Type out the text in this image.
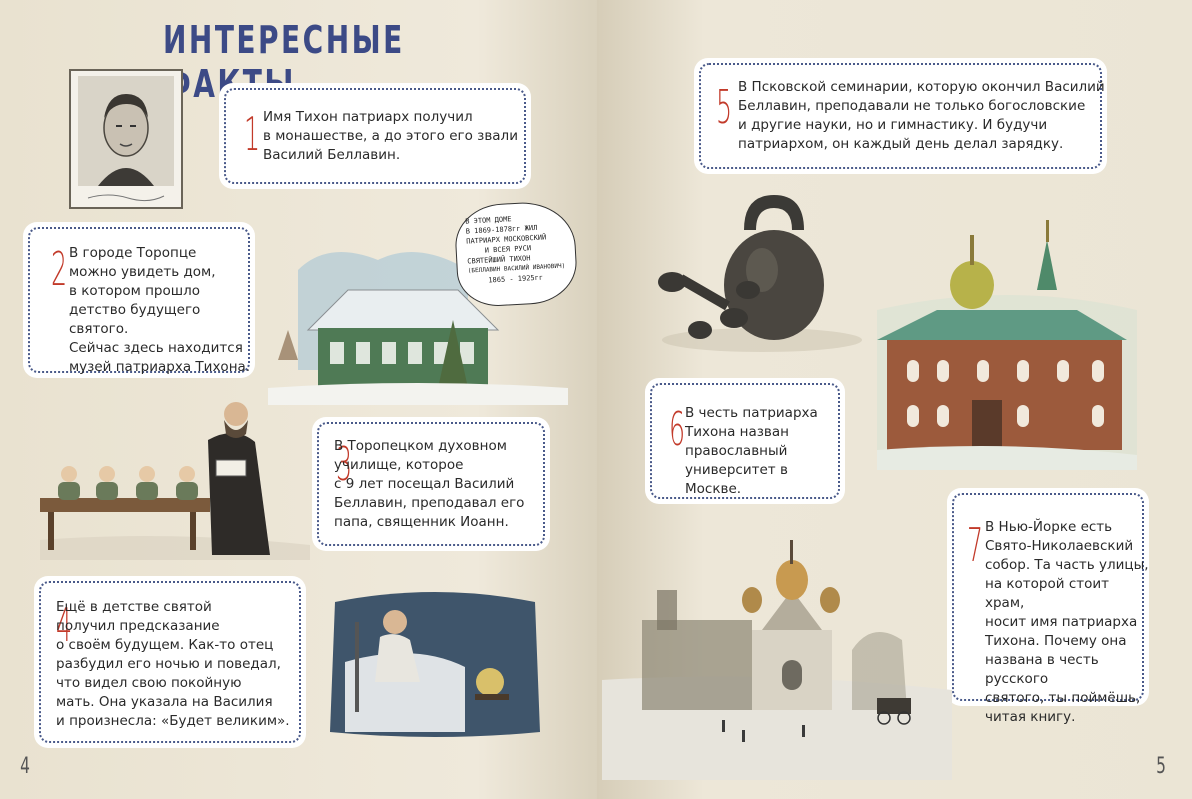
ИНТЕРЕСНЫЕ
1 Имя Тихон патриарх получил
в монашестве, а до этого его звали
Василий Беллавин.
2 В городе Торопце
можно увидеть дом,
в котором прошло
детство будущего святого.
Сейчас здесь находится
музей патриарха Тихона.
В ЭТОМ ДОМЕ
В 1869-1878гг ЖИЛ
ПАТРИАРХ МОСКОВСКИЙ
И ВСЕЯ РУСИ
СВЯТЕЙШИЙ ТИХОН
(БЕЛЛАВИН ВАСИЛИЙ ИВАНОВИЧ)
1865 - 1925гг
3
В Торопецком духовном
училище, которое
с 9 лет посещал Василий
Беллавин, преподавал его
папа, священник Иоанн.
4
Ещё в детстве святой
получил предсказание
о своём будущем. Как-то отец
разбудил его ночью и поведал,
что видел свою покойную
мать. Она указала на Василия
и произнесла: «Будет великим».
4
5 В Псковской семинарии, которую окончил Василий
Беллавин, преподавали не только богословские
и другие науки, но и гимнастику. И будучи
патриархом, он каждый день делал зарядку.
6 В честь патриарха
Тихона назван
православный
университет в Москве.
7 В Нью-Йорке есть
Свято-Николаевский
собор. Та часть улицы,
на которой стоит храм,
носит имя патриарха
Тихона. Почему она
названа в честь русского
святого, ты поймёшь,
читая книгу.
5
